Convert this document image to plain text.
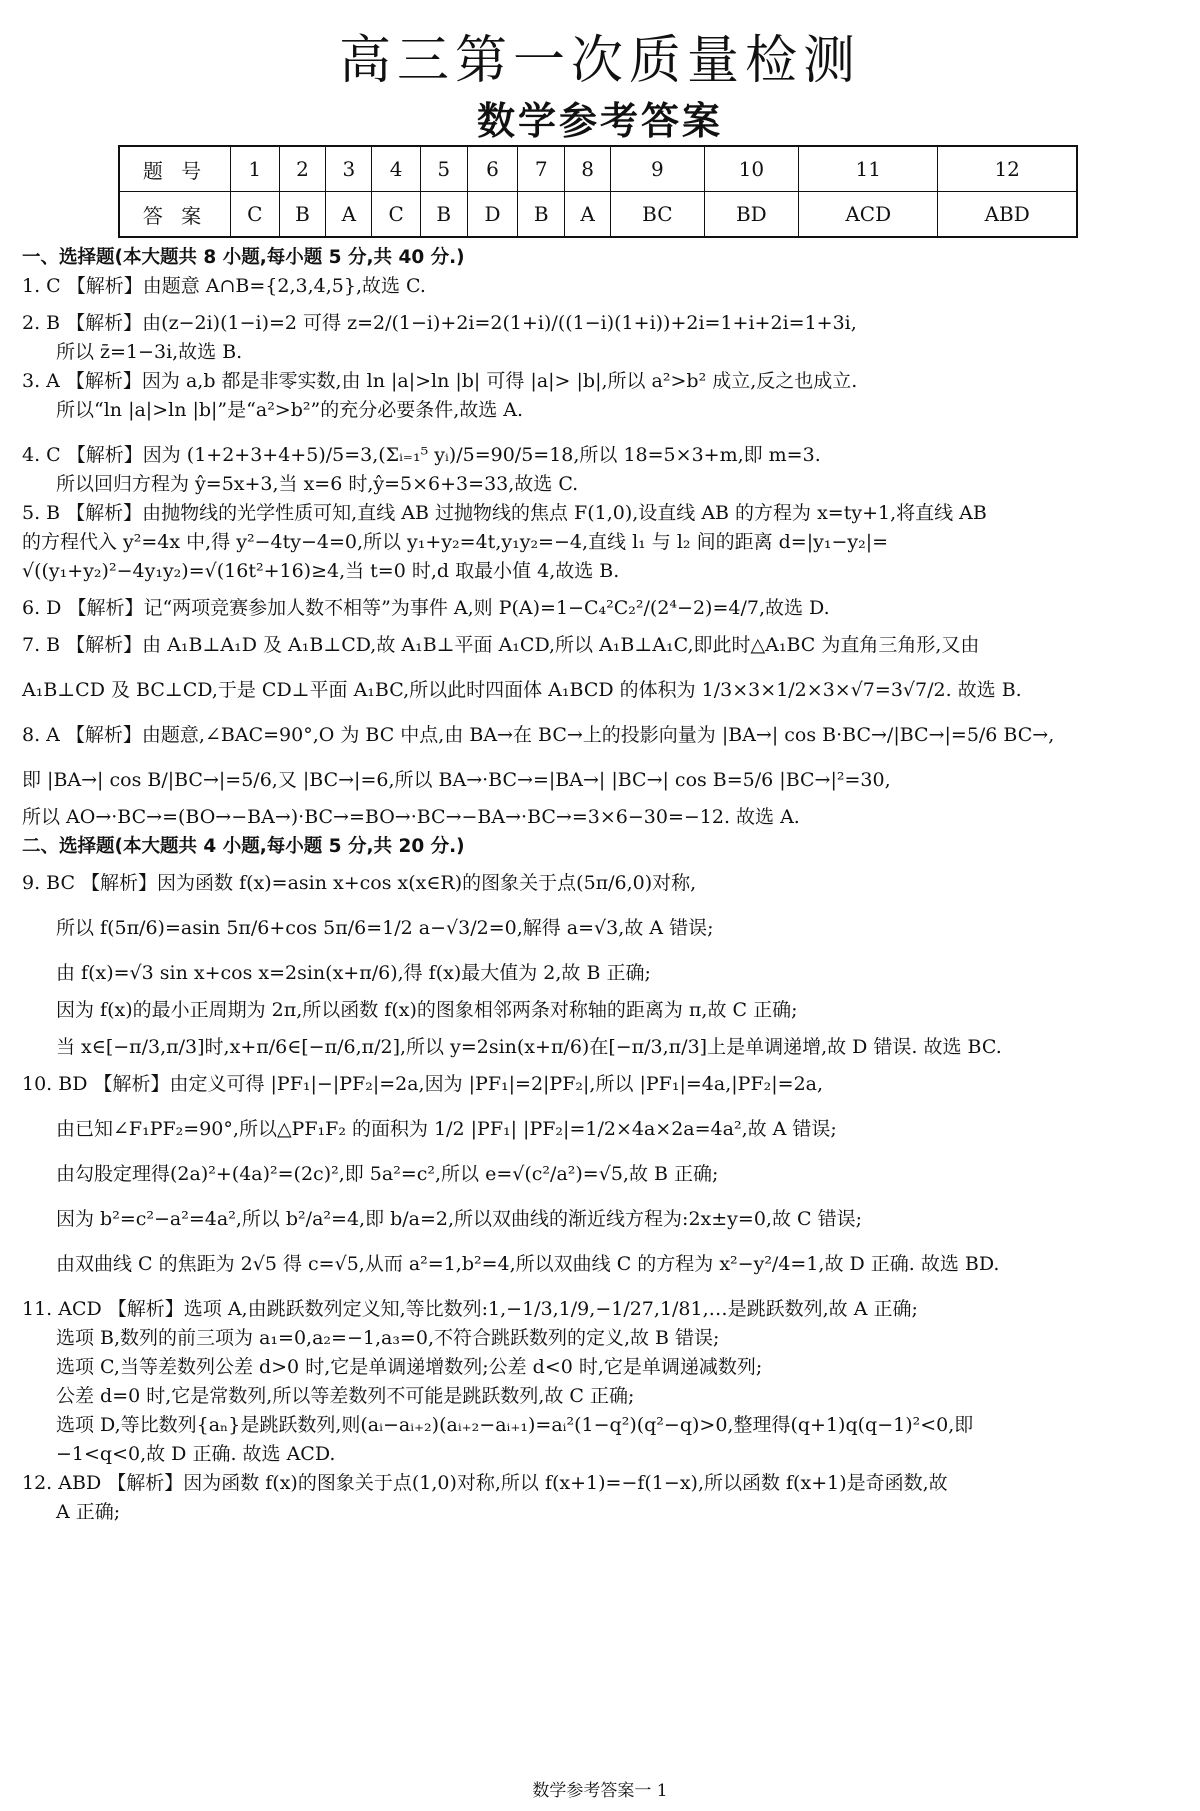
高三第一次质量检测
数学参考答案
题 号	1	2	3	4	5	6	7	8	9	10	11	12
答 案	C	B	A	C	B	D	B	A	BC	BD	ACD	ABD

一、选择题(本大题共 8 小题,每小题 5 分,共 40 分.)

1. C 【解析】由题意 A∩B={2,3,4,5},故选 C.

2. B 【解析】由(z−2i)(1−i)=2 可得 z=2/(1−i)+2i=2(1+i)/((1−i)(1+i))+2i=1+i+2i=1+3i,

所以 z̄=1−3i,故选 B.

3. A 【解析】因为 a,b 都是非零实数,由 ln |a|>ln |b| 可得 |a|> |b|,所以 a²>b² 成立,反之也成立.

所以“ln |a|>ln |b|”是“a²>b²”的充分必要条件,故选 A.

4. C 【解析】因为 (1+2+3+4+5)/5=3,(Σᵢ₌₁⁵ yᵢ)/5=90/5=18,所以 18=5×3+m,即 m=3.

所以回归方程为 ŷ=5x+3,当 x=6 时,ŷ=5×6+3=33,故选 C.

5. B 【解析】由抛物线的光学性质可知,直线 AB 过抛物线的焦点 F(1,0),设直线 AB 的方程为 x=ty+1,将直线 AB

的方程代入 y²=4x 中,得 y²−4ty−4=0,所以 y₁+y₂=4t,y₁y₂=−4,直线 l₁ 与 l₂ 间的距离 d=|y₁−y₂|=

√((y₁+y₂)²−4y₁y₂)=√(16t²+16)≥4,当 t=0 时,d 取最小值 4,故选 B.

6. D 【解析】记“两项竞赛参加人数不相等”为事件 A,则 P(A)=1−C₄²C₂²/(2⁴−2)=4/7,故选 D.

7. B 【解析】由 A₁B⊥A₁D 及 A₁B⊥CD,故 A₁B⊥平面 A₁CD,所以 A₁B⊥A₁C,即此时△A₁BC 为直角三角形,又由

A₁B⊥CD 及 BC⊥CD,于是 CD⊥平面 A₁BC,所以此时四面体 A₁BCD 的体积为 1/3×3×1/2×3×√7=3√7/2. 故选 B.

8. A 【解析】由题意,∠BAC=90°,O 为 BC 中点,由 BA→在 BC→上的投影向量为 |BA→| cos B·BC→/|BC→|=5/6 BC→,

即 |BA→| cos B/|BC→|=5/6,又 |BC→|=6,所以 BA→·BC→=|BA→| |BC→| cos B=5/6 |BC→|²=30,

所以 AO→·BC→=(BO→−BA→)·BC→=BO→·BC→−BA→·BC→=3×6−30=−12. 故选 A.

二、选择题(本大题共 4 小题,每小题 5 分,共 20 分.)

9. BC 【解析】因为函数 f(x)=asin x+cos x(x∈R)的图象关于点(5π/6,0)对称,

所以 f(5π/6)=asin 5π/6+cos 5π/6=1/2 a−√3/2=0,解得 a=√3,故 A 错误;

由 f(x)=√3 sin x+cos x=2sin(x+π/6),得 f(x)最大值为 2,故 B 正确;

因为 f(x)的最小正周期为 2π,所以函数 f(x)的图象相邻两条对称轴的距离为 π,故 C 正确;

当 x∈[−π/3,π/3]时,x+π/6∈[−π/6,π/2],所以 y=2sin(x+π/6)在[−π/3,π/3]上是单调递增,故 D 错误. 故选 BC.

10. BD 【解析】由定义可得 |PF₁|−|PF₂|=2a,因为 |PF₁|=2|PF₂|,所以 |PF₁|=4a,|PF₂|=2a,

由已知∠F₁PF₂=90°,所以△PF₁F₂ 的面积为 1/2 |PF₁| |PF₂|=1/2×4a×2a=4a²,故 A 错误;

由勾股定理得(2a)²+(4a)²=(2c)²,即 5a²=c²,所以 e=√(c²/a²)=√5,故 B 正确;

因为 b²=c²−a²=4a²,所以 b²/a²=4,即 b/a=2,所以双曲线的渐近线方程为:2x±y=0,故 C 错误;

由双曲线 C 的焦距为 2√5 得 c=√5,从而 a²=1,b²=4,所以双曲线 C 的方程为 x²−y²/4=1,故 D 正确. 故选 BD.

11. ACD 【解析】选项 A,由跳跃数列定义知,等比数列:1,−1/3,1/9,−1/27,1/81,…是跳跃数列,故 A 正确;

选项 B,数列的前三项为 a₁=0,a₂=−1,a₃=0,不符合跳跃数列的定义,故 B 错误;

选项 C,当等差数列公差 d>0 时,它是单调递增数列;公差 d<0 时,它是单调递减数列;

公差 d=0 时,它是常数列,所以等差数列不可能是跳跃数列,故 C 正确;

选项 D,等比数列{aₙ}是跳跃数列,则(aᵢ−aᵢ₊₂)(aᵢ₊₂−aᵢ₊₁)=aᵢ²(1−q²)(q²−q)>0,整理得(q+1)q(q−1)²<0,即

−1<q<0,故 D 正确. 故选 ACD.

12. ABD 【解析】因为函数 f(x)的图象关于点(1,0)对称,所以 f(x+1)=−f(1−x),所以函数 f(x+1)是奇函数,故

A 正确;

数学参考答案一 1
